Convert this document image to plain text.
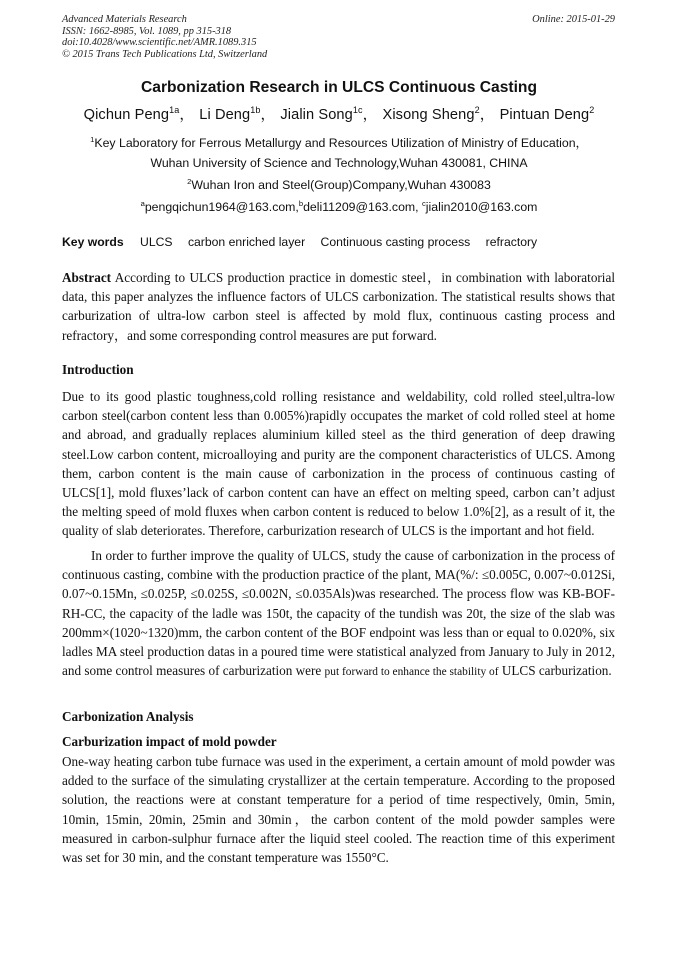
Advanced Materials Research
ISSN: 1662-8985, Vol. 1089, pp 315-318
doi:10.4028/www.scientific.net/AMR.1089.315
© 2015 Trans Tech Publications Ltd, Switzerland
Online: 2015-01-29
Carbonization Research in ULCS Continuous Casting
Qichun Peng$^{1a}$， Li Deng$^{1b}$， Jialin Song$^{1c}$， Xisong Sheng$^2$， Pintuan Deng$^2$
$^1$Key Laboratory for Ferrous Metallurgy and Resources Utilization of Ministry of Education，
Wuhan University of Science and Technology,Wuhan 430081, CHINA
$^2$Wuhan Iron and Steel(Group)Company,Wuhan 430083
$^a$pengqichun1964@163.com,$^b$deli11209@163.com, $^c$jialin2010@163.com
Key words ULCS carbon enriched layer Continuous casting process refractory
Abstract According to ULCS production practice in domestic steel，in combination with laboratorial data, this paper analyzes the influence factors of ULCS carbonization. The statistical results shows that carburization of ultra-low carbon steel is affected by mold flux, continuous casting process and refractory，and some corresponding control measures are put forward.
Introduction
Due to its good plastic toughness,cold rolling resistance and weldability, cold rolled steel,ultra-low carbon steel(carbon content less than 0.005%)rapidly occupates the market of cold rolled steel at home and abroad, and gradually replaces aluminium killed steel as the third generation of deep drawing steel.Low carbon content, microalloying and purity are the component characteristics of ULCS. Among them, carbon content is the main cause of carbonization in the process of continuous casting of ULCS[1], mold fluxes’lack of carbon content can have an effect on melting speed, carbon can’t adjust the melting speed of mold fluxes when carbon content is reduced to below 1.0%[2], as a result of it, the quality of slab deteriorates. Therefore, carburization research of ULCS is the important and hot field.
In order to further improve the quality of ULCS, study the cause of carbonization in the process of continuous casting, combine with the production practice of the plant, MA(%/: ≤0.005C, 0.007~0.012Si, 0.07~0.15Mn, ≤0.025P, ≤0.025S, ≤0.002N, ≤0.035Als)was researched. The process flow was KB-BOF-RH-CC, the capacity of the ladle was 150t, the capacity of the tundish was 20t, the size of the slab was 200mm×(1020~1320)mm, the carbon content of the BOF endpoint was less than or equal to 0.020%, six ladles MA steel production datas in a poured time were statistical analyzed from January to July in 2012, and some control measures of carburization were put forward to enhance the stability of ULCS carburization.
Carbonization Analysis
Carburization impact of mold powder
One-way heating carbon tube furnace was used in the experiment, a certain amount of mold powder was added to the surface of the simulating crystallizer at the certain temperature. According to the proposed solution, the reactions were at constant temperature for a period of time respectively, 0min, 5min, 10min, 15min, 20min, 25min and 30min，the carbon content of the mold powder samples were measured in carbon-sulphur furnace after the liquid steel cooled. The reaction time of this experiment was set for 30 min, and the constant temperature was 1550°C.
